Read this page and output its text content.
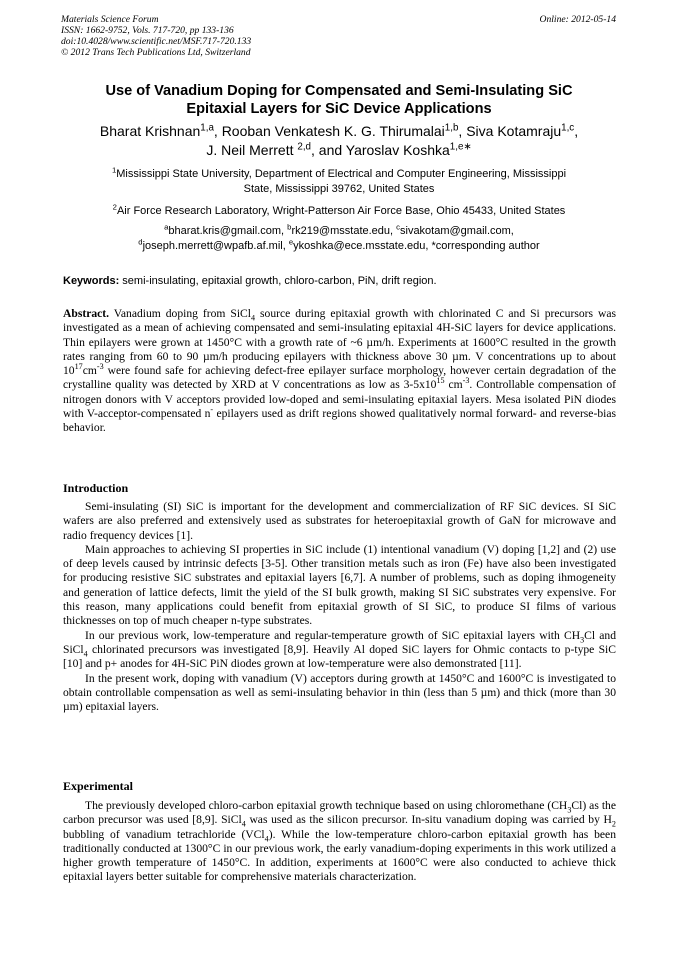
Materials Science Forum
ISSN: 1662-9752, Vols. 717-720, pp 133-136
doi:10.4028/www.scientific.net/MSF.717-720.133
© 2012 Trans Tech Publications Ltd, Switzerland
Online: 2012-05-14
Use of Vanadium Doping for Compensated and Semi-Insulating SiC
Epitaxial Layers for SiC Device Applications
Bharat Krishnan$^{1,a}$, Rooban Venkatesh K. G. Thirumalai$^{1,b}$, Siva Kotamraju$^{1,c}$,
J. Neil Merrett $^{2,d}$, and Yaroslav Koshka$^{1,e∗}$
$^1$Mississippi State University, Department of Electrical and Computer Engineering, Mississippi
State, Mississippi 39762, United States
$^2$Air Force Research Laboratory, Wright-Patterson Air Force Base, Ohio 45433, United States
$^a$bharat.kris@gmail.com, $^b$rk219@msstate.edu, $^c$sivakotam@gmail.com,
$^d$joseph.merrett@wpafb.af.mil, $^e$ykoshka@ece.msstate.edu, *corresponding author
Keywords: semi-insulating, epitaxial growth, chloro-carbon, PiN, drift region.
Abstract. Vanadium doping from SiCl$_4$ source during epitaxial growth with chlorinated C and Si precursors was investigated as a mean of achieving compensated and semi-insulating epitaxial 4H-SiC layers for device applications. Thin epilayers were grown at 1450°C with a growth rate of ~6 µm/h. Experiments at 1600°C resulted in the growth rates ranging from 60 to 90 µm/h producing epilayers with thickness above 30 µm. V concentrations up to about $10^{17}cm^{-3}$ were found safe for achieving defect-free epilayer surface morphology, however certain degradation of the crystalline quality was detected by XRD at V concentrations as low as $3-5x10^{15}$ $cm^{-3}$. Controllable compensation of nitrogen donors with V acceptors provided low-doped and semi-insulating epitaxial layers. Mesa isolated PiN diodes with V-acceptor-compensated n- epilayers used as drift regions showed qualitatively normal forward- and reverse-bias behavior.
Introduction

Semi-insulating (SI) SiC is important for the development and commercialization of RF SiC devices. SI SiC wafers are also preferred and extensively used as substrates for heteroepitaxial growth of GaN for microwave and radio frequency devices [1].

Main approaches to achieving SI properties in SiC include (1) intentional vanadium (V) doping [1,2] and (2) use of deep levels caused by intrinsic defects [3-5]. Other transition metals such as iron (Fe) have also been investigated for producing resistive SiC substrates and epitaxial layers [6,7]. A number of problems, such as doping ihmogeneity and generation of lattice defects, limit the yield of the SI bulk growth, making SI SiC substrates very expensive. For this reason, many applications could benefit from epitaxial growth of SI SiC, to produce SI films of various thicknesses on top of much cheaper n-type substrates.

In our previous work, low-temperature and regular-temperature growth of SiC epitaxial layers with $CH_3Cl$ and SiCl$_4$ chlorinated precursors was investigated [8,9]. Heavily Al doped SiC layers for Ohmic contacts to p-type SiC [10] and p+ anodes for 4H-SiC PiN diodes grown at low-temperature were also demonstrated [11].

In the present work, doping with vanadium (V) acceptors during growth at 1450°C and 1600°C is investigated to obtain controllable compensation as well as semi-insulating behavior in thin (less than 5 µm) and thick (more than 30 µm) epitaxial layers.

Experimental

The previously developed chloro-carbon epitaxial growth technique based on using chloromethane $(CH_3Cl)$ as the carbon precursor was used [8,9]. SiCl$_4$ was used as the silicon precursor. In-situ vanadium doping was carried by $H_2$ bubbling of vanadium tetrachloride (VCl$_4$). While the low-temperature chloro-carbon epitaxial growth has been traditionally conducted at 1300°C in our previous work, the early vanadium-doping experiments in this work utilized a higher growth temperature of 1450°C. In addition, experiments at 1600°C were also conducted to achieve thick epitaxial layers better suitable for comprehensive materials characterization.
